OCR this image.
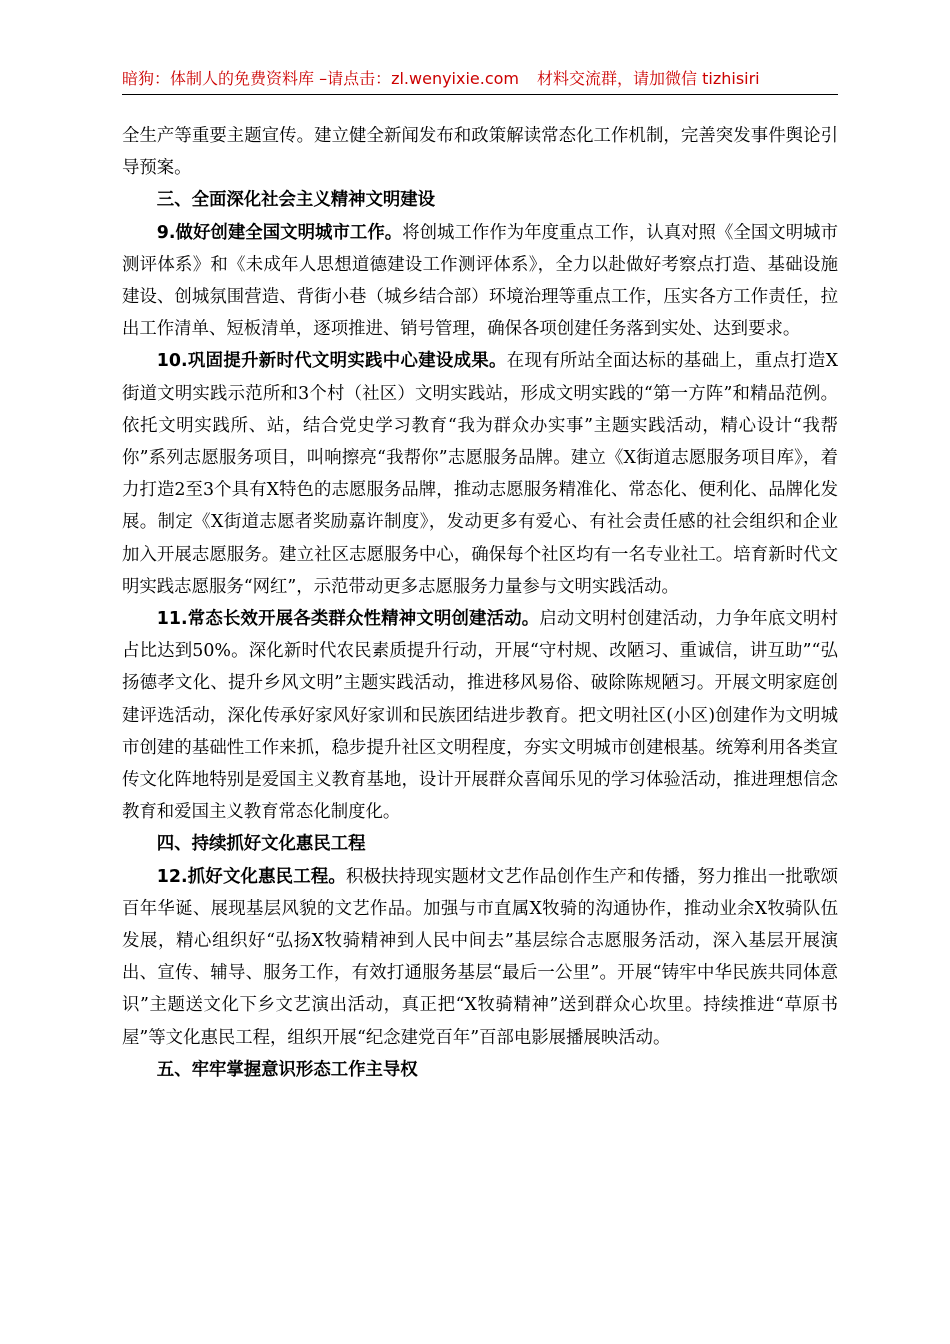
暗狗：体制人的免费资料库 –请点击：zl.wenyixie.com 材料交流群，请加微信 tizhisiri

全生产等重要主题宣传。建立健全新闻发布和政策解读常态化工作机制，完善突发事件舆论引导预案。

三、全面深化社会主义精神文明建设

9.做好创建全国文明城市工作。将创城工作作为年度重点工作，认真对照《全国文明城市测评体系》和《未成年人思想道德建设工作测评体系》，全力以赴做好考察点打造、基础设施建设、创城氛围营造、背街小巷（城乡结合部）环境治理等重点工作，压实各方工作责任，拉出工作清单、短板清单，逐项推进、销号管理，确保各项创建任务落到实处、达到要求。

10.巩固提升新时代文明实践中心建设成果。在现有所站全面达标的基础上，重点打造X街道文明实践示范所和3个村（社区）文明实践站，形成文明实践的“第一方阵”和精品范例。依托文明实践所、站，结合党史学习教育“我为群众办实事”主题实践活动，精心设计“我帮你”系列志愿服务项目，叫响擦亮“我帮你”志愿服务品牌。建立《X街道志愿服务项目库》，着力打造2至3个具有X特色的志愿服务品牌，推动志愿服务精准化、常态化、便利化、品牌化发展。制定《X街道志愿者奖励嘉许制度》，发动更多有爱心、有社会责任感的社会组织和企业加入开展志愿服务。建立社区志愿服务中心，确保每个社区均有一名专业社工。培育新时代文明实践志愿服务“网红”，示范带动更多志愿服务力量参与文明实践活动。

11.常态长效开展各类群众性精神文明创建活动。启动文明村创建活动，力争年底文明村占比达到50%。深化新时代农民素质提升行动，开展“守村规、改陋习、重诚信，讲互助”“弘扬德孝文化、提升乡风文明”主题实践活动，推进移风易俗、破除陈规陋习。开展文明家庭创建评选活动，深化传承好家风好家训和民族团结进步教育。把文明社区(小区)创建作为文明城市创建的基础性工作来抓，稳步提升社区文明程度，夯实文明城市创建根基。统筹利用各类宣传文化阵地特别是爱国主义教育基地，设计开展群众喜闻乐见的学习体验活动，推进理想信念教育和爱国主义教育常态化制度化。

四、持续抓好文化惠民工程

12.抓好文化惠民工程。积极扶持现实题材文艺作品创作生产和传播，努力推出一批歌颂百年华诞、展现基层风貌的文艺作品。加强与市直属X牧骑的沟通协作，推动业余X牧骑队伍发展，精心组织好“弘扬X牧骑精神到人民中间去”基层综合志愿服务活动，深入基层开展演出、宣传、辅导、服务工作，有效打通服务基层“最后一公里”。开展“铸牢中华民族共同体意识”主题送文化下乡文艺演出活动，真正把“X牧骑精神”送到群众心坎里。持续推进“草原书屋”等文化惠民工程，组织开展“纪念建党百年”百部电影展播展映活动。

五、牢牢掌握意识形态工作主导权
